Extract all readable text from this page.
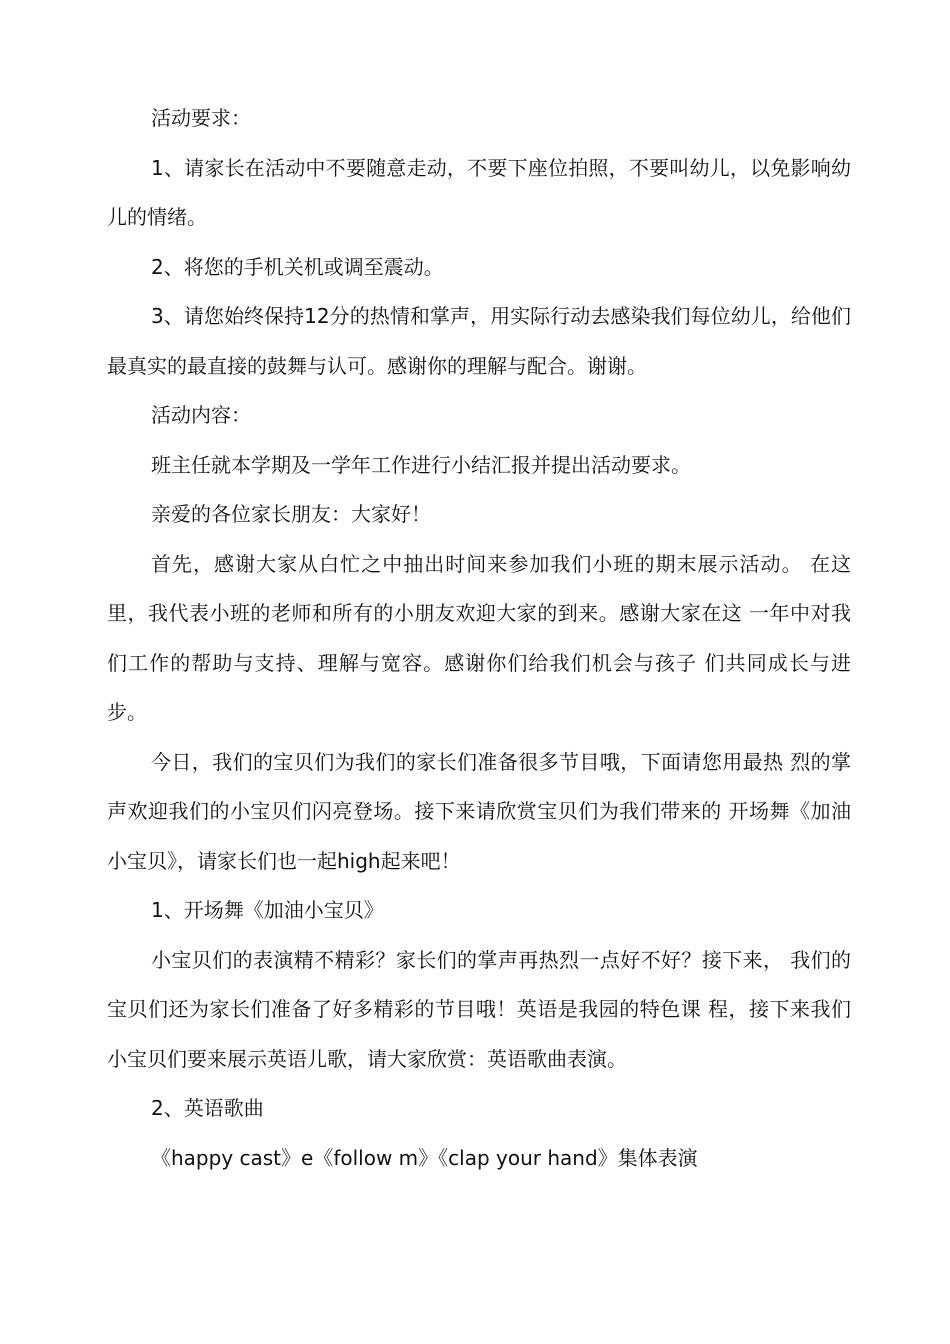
活动要求：

1、请家长在活动中不要随意走动，不要下座位拍照，不要叫幼儿，以免影响幼儿的情绪。

2、将您的手机关机或调至震动。

3、请您始终保持12分的热情和掌声，用实际行动去感染我们每位幼儿，给他们最真实的最直接的鼓舞与认可。感谢你的理解与配合。谢谢。

活动内容：

班主任就本学期及一学年工作进行小结汇报并提出活动要求。

亲爱的各位家长朋友：大家好！

首先，感谢大家从白忙之中抽出时间来参加我们小班的期末展示活动。 在这里，我代表小班的老师和所有的小朋友欢迎大家的到来。感谢大家在这 一年中对我们工作的帮助与支持、理解与宽容。感谢你们给我们机会与孩子 们共同成长与进步。

今日，我们的宝贝们为我们的家长们准备很多节目哦，下面请您用最热 烈的掌声欢迎我们的小宝贝们闪亮登场。接下来请欣赏宝贝们为我们带来的 开场舞《加油小宝贝》，请家长们也一起high起来吧！

1、开场舞《加油小宝贝》

小宝贝们的表演精不精彩？家长们的掌声再热烈一点好不好？接下来， 我们的宝贝们还为家长们准备了好多精彩的节目哦！英语是我园的特色课 程，接下来我们小宝贝们要来展示英语儿歌，请大家欣赏：英语歌曲表演。

2、英语歌曲

《happy cast》e《follow m》《clap your hand》集体表演
